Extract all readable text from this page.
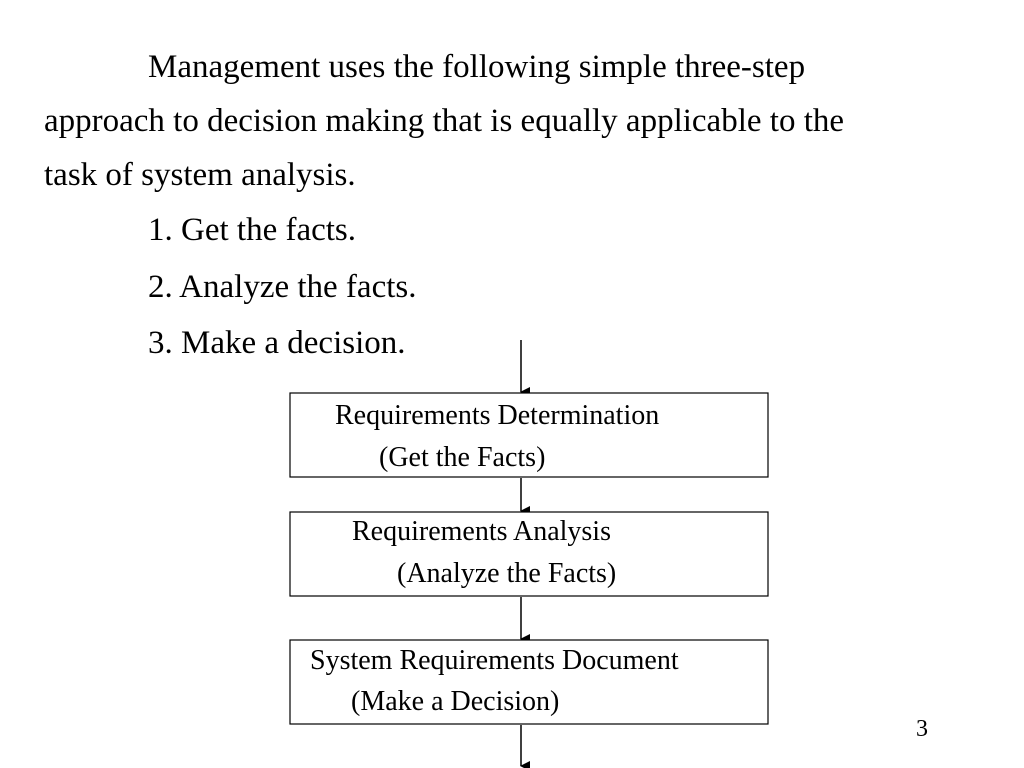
Management uses the following simple three-step
approach to decision making that is equally applicable to the
task of system analysis.
1. Get the facts.
2. Analyze the facts.
3. Make a decision.
Requirements Determination
(Get the Facts)
Requirements Analysis
(Analyze the Facts)
System Requirements Document
(Make a Decision)

3
